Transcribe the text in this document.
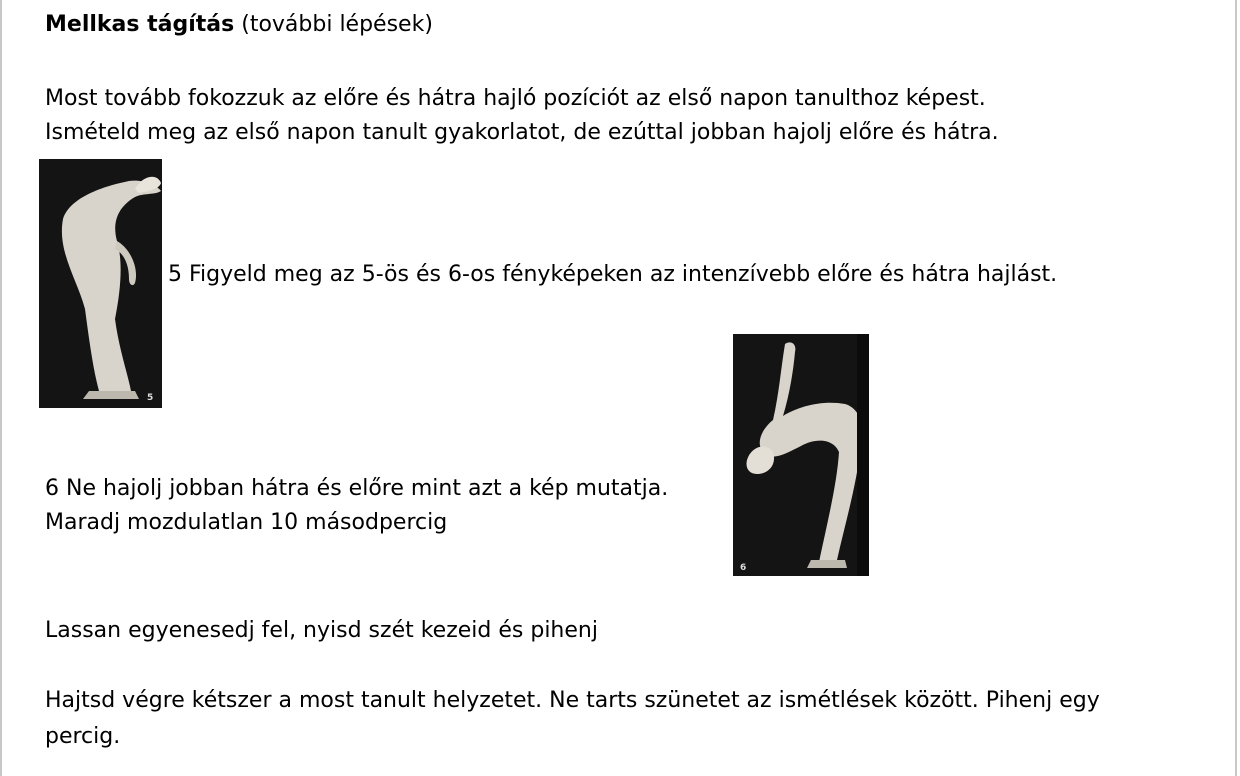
Mellkas tágítás (további lépések)
Most tovább fokozzuk az előre és hátra hajló pozíciót az első napon tanulthoz képest.
Ismételd meg az első napon tanult gyakorlatot, de ezúttal jobban hajolj előre és hátra.
5
5 Figyeld meg az 5-ös és 6-os fényképeken az intenzívebb előre és hátra hajlást.
6
6 Ne hajolj jobban hátra és előre mint azt a kép mutatja.
Maradj mozdulatlan 10 másodpercig
Lassan egyenesedj fel, nyisd szét kezeid és pihenj
Hajtsd végre kétszer a most tanult helyzetet. Ne tarts szünetet az ismétlések között. Pihenj egy
percig.
